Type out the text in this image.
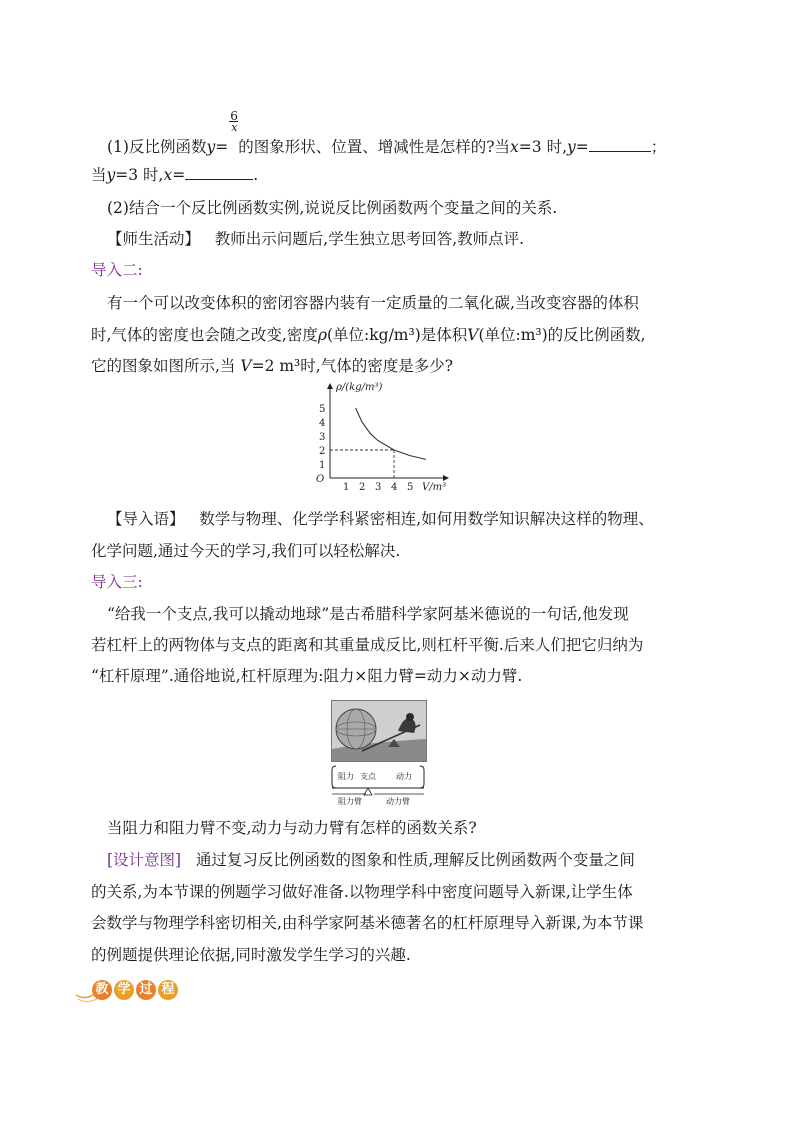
(1)反比例函数y=
6
x
的图象形状、位置、增减性是怎样的?当x=3 时,y=	；
当y=3 时,x=	.
(2)结合一个反比例函数实例,说说反比例函数两个变量之间的关系.
【师生活动】 教师出示问题后,学生独立思考回答,教师点评.
导入二:
有一个可以改变体积的密闭容器内装有一定质量的二氧化碳,当改变容器的体积
时,气体的密度也会随之改变,密度ρ(单位:kg/m³)是体积V(单位:m³)的反比例函数,
它的图象如图所示,当 V=2 m³时,气体的密度是多少?
ρ/(kg/m³)
V/m³
O
1 2 3 4 5
1
2
3
4
5
【导入语】 数学与物理、化学学科紧密相连,如何用数学知识解决这样的物理、
化学问题,通过今天的学习,我们可以轻松解决.
导入三:
“给我一个支点,我可以撬动地球”是古希腊科学家阿基米德说的一句话,他发现
若杠杆上的两物体与支点的距离和其重量成反比,则杠杆平衡.后来人们把它归纳为
“杠杆原理”.通俗地说,杠杆原理为:阻力×阻力臂=动力×动力臂.
阻力 支点	动力
阻力臂	动力臂
当阻力和阻力臂不变,动力与动力臂有怎样的函数关系?
[设计意图] 通过复习反比例函数的图象和性质,理解反比例函数两个变量之间
的关系,为本节课的例题学习做好准备.以物理学科中密度问题导入新课,让学生体
会数学与物理学科密切相关,由科学家阿基米德著名的杠杆原理导入新课,为本节课
的例题提供理论依据,同时激发学生学习的兴趣.
教 学 过 程
